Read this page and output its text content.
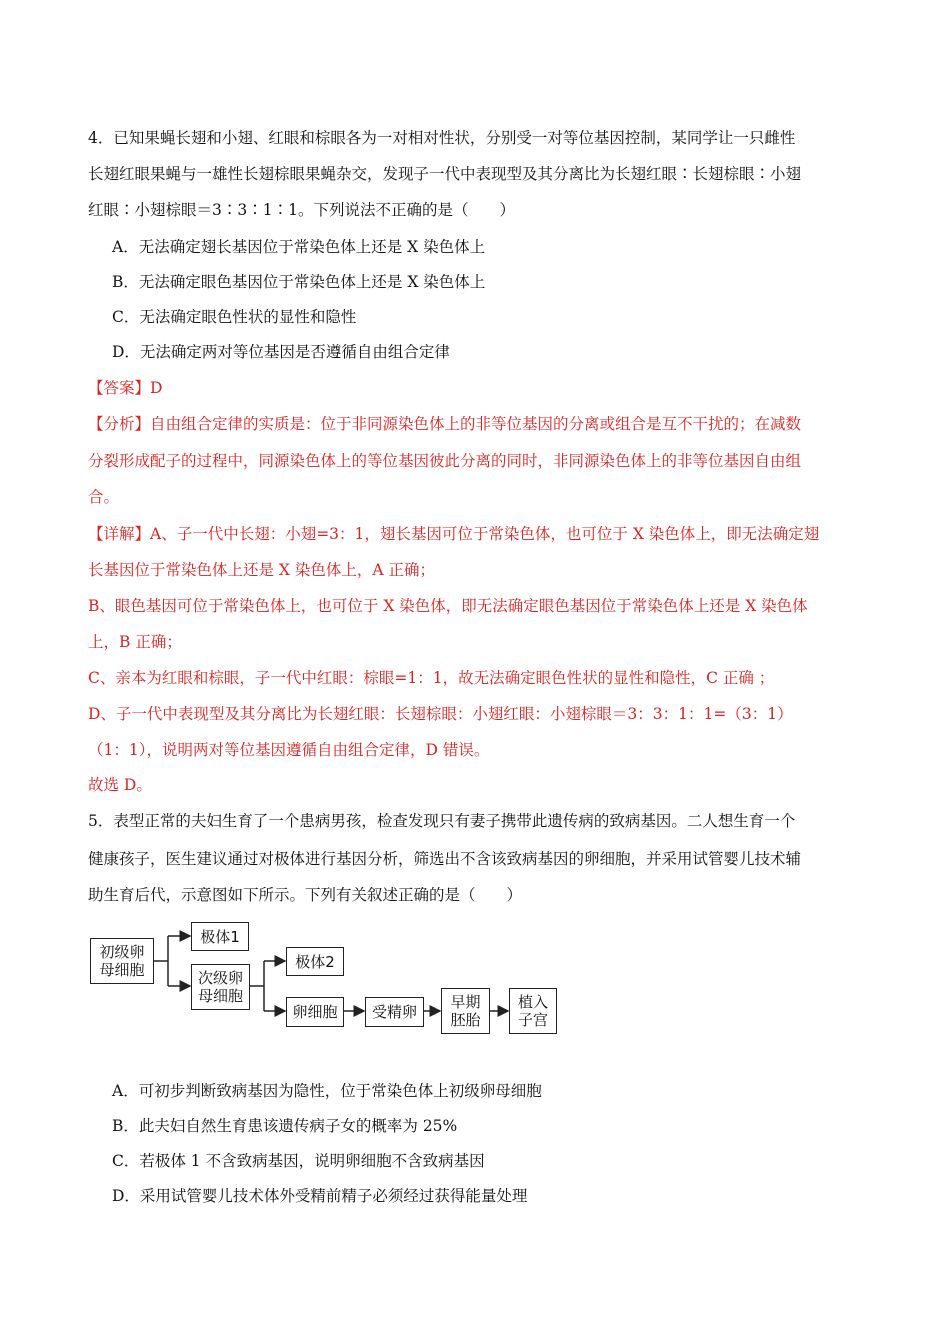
4．已知果蝇长翅和小翅、红眼和棕眼各为一对相对性状，分别受一对等位基因控制，某同学让一只雌性
长翅红眼果蝇与一雄性长翅棕眼果蝇杂交，发现子一代中表现型及其分离比为长翅红眼∶长翅棕眼∶小翅
红眼∶小翅棕眼＝3∶3∶1∶1。下列说法不正确的是（　　）
A．无法确定翅长基因位于常染色体上还是 X 染色体上
B．无法确定眼色基因位于常染色体上还是 X 染色体上
C．无法确定眼色性状的显性和隐性
D．无法确定两对等位基因是否遵循自由组合定律
【答案】D
【分析】自由组合定律的实质是：位于非同源染色体上的非等位基因的分离或组合是互不干扰的；在减数
分裂形成配子的过程中，同源染色体上的等位基因彼此分离的同时，非同源染色体上的非等位基因自由组
合。
【详解】A、子一代中长翅：小翅=3：1，翅长基因可位于常染色体，也可位于 X 染色体上，即无法确定翅
长基因位于常染色体上还是 X 染色体上，A 正确；
B、眼色基因可位于常染色体上，也可位于 X 染色体，即无法确定眼色基因位于常染色体上还是 X 染色体
上，B 正确；
C、亲本为红眼和棕眼，子一代中红眼：棕眼=1：1，故无法确定眼色性状的显性和隐性，C 正确 ；
D、子一代中表现型及其分离比为长翅红眼：长翅棕眼：小翅红眼：小翅棕眼＝3：3：1：1=（3：1）
（1：1），说明两对等位基因遵循自由组合定律，D 错误。
故选 D。
5．表型正常的夫妇生育了一个患病男孩，检查发现只有妻子携带此遗传病的致病基因。二人想生育一个
健康孩子，医生建议通过对极体进行基因分析，筛选出不含该致病基因的卵细胞，并采用试管婴儿技术辅
助生育后代，示意图如下所示。下列有关叙述正确的是（　　）
初级卵
母细胞
极体1
次级卵
母细胞
极体2
卵细胞 受精卵
早期
胚胎
植入
子宫
A．可初步判断致病基因为隐性，位于常染色体上初级卵母细胞
B．此夫妇自然生育患该遗传病子女的概率为 25%
C．若极体 1 不含致病基因，说明卵细胞不含致病基因
D．采用试管婴儿技术体外受精前精子必须经过获得能量处理
